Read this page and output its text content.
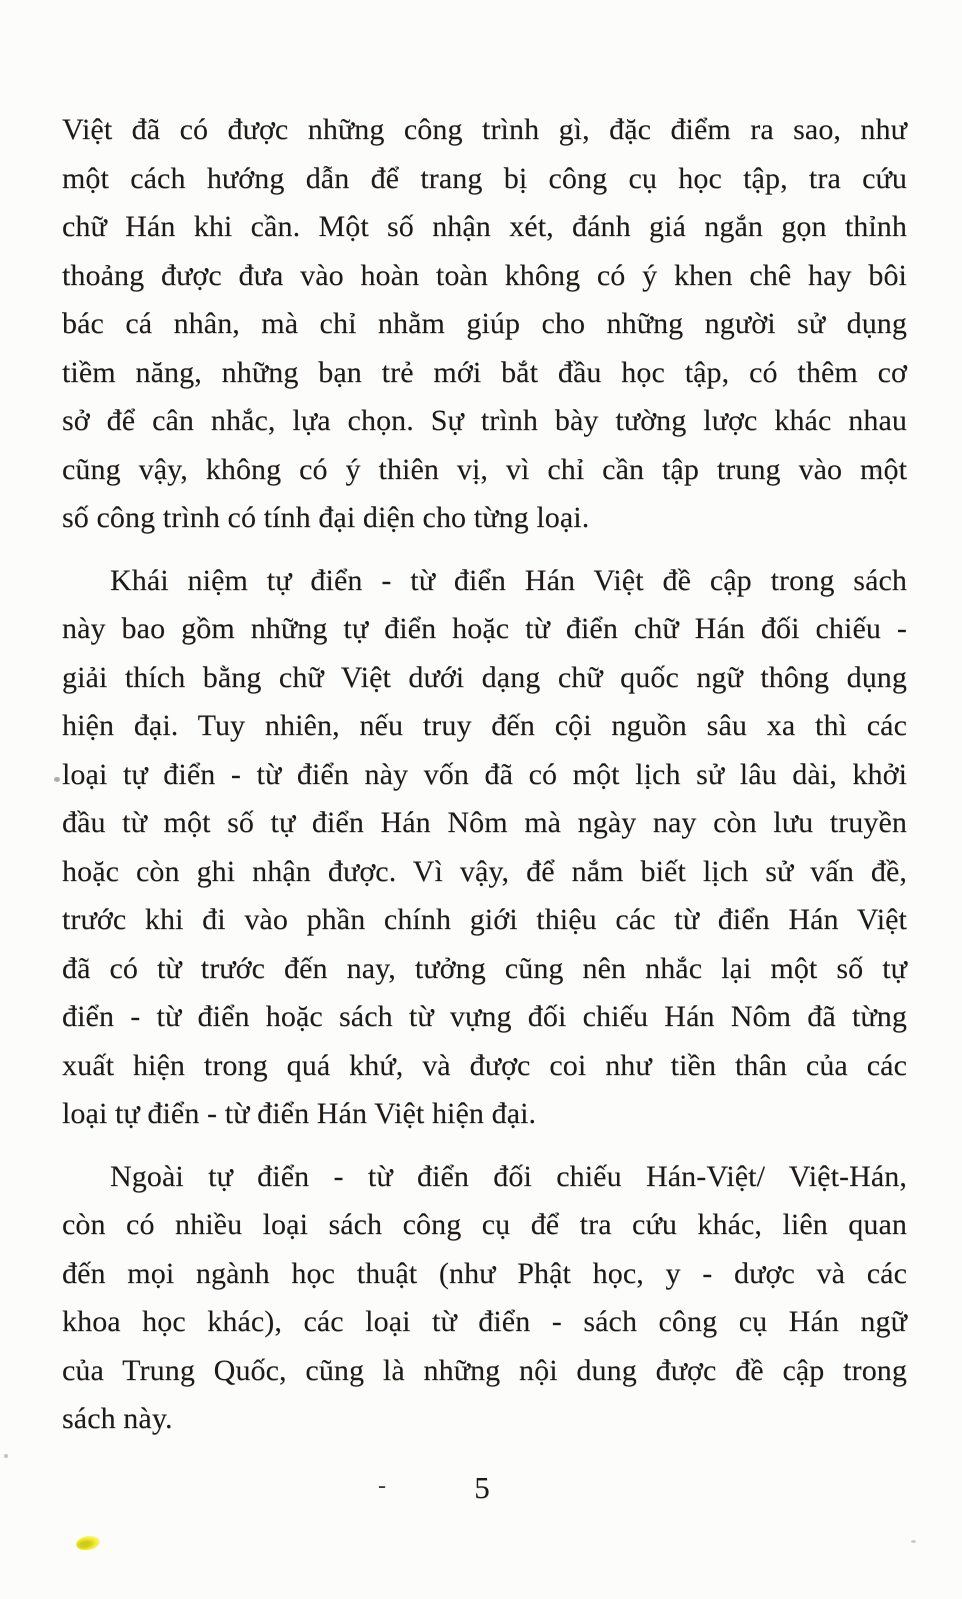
Việt đã có được những công trình gì, đặc điểm ra sao, như
một cách hướng dẫn để trang bị công cụ học tập, tra cứu
chữ Hán khi cần. Một số nhận xét, đánh giá ngắn gọn thỉnh
thoảng được đưa vào hoàn toàn không có ý khen chê hay bôi
bác cá nhân, mà chỉ nhằm giúp cho những người sử dụng
tiềm năng, những bạn trẻ mới bắt đầu học tập, có thêm cơ
sở để cân nhắc, lựa chọn. Sự trình bày tường lược khác nhau
cũng vậy, không có ý thiên vị, vì chỉ cần tập trung vào một
số công trình có tính đại diện cho từng loại.
Khái niệm tự điển - từ điển Hán Việt đề cập trong sách
này bao gồm những tự điển hoặc từ điển chữ Hán đối chiếu -
giải thích bằng chữ Việt dưới dạng chữ quốc ngữ thông dụng
hiện đại. Tuy nhiên, nếu truy đến cội nguồn sâu xa thì các
loại tự điển - từ điển này vốn đã có một lịch sử lâu dài, khởi
đầu từ một số tự điển Hán Nôm mà ngày nay còn lưu truyền
hoặc còn ghi nhận được. Vì vậy, để nắm biết lịch sử vấn đề,
trước khi đi vào phần chính giới thiệu các từ điển Hán Việt
đã có từ trước đến nay, tưởng cũng nên nhắc lại một số tự
điển - từ điển hoặc sách từ vựng đối chiếu Hán Nôm đã từng
xuất hiện trong quá khứ, và được coi như tiền thân của các
loại tự điển - từ điển Hán Việt hiện đại.
Ngoài tự điển - từ điển đối chiếu Hán-Việt/ Việt-Hán,
còn có nhiều loại sách công cụ để tra cứu khác, liên quan
đến mọi ngành học thuật (như Phật học, y - dược và các
khoa học khác), các loại từ điển - sách công cụ Hán ngữ
của Trung Quốc, cũng là những nội dung được đề cập trong
sách này.
-	5
